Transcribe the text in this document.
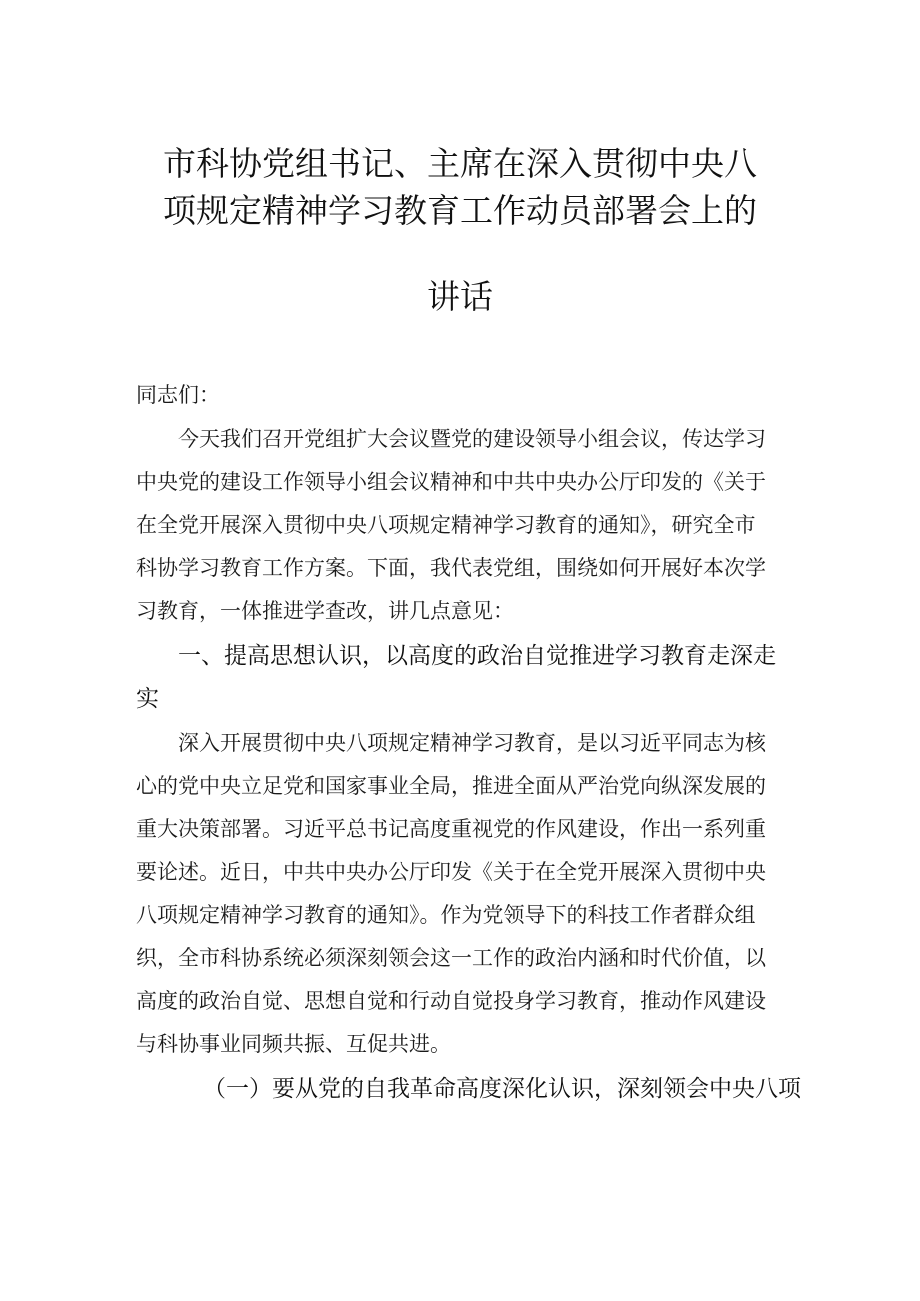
市科协党组书记、主席在深入贯彻中央八
项规定精神学习教育工作动员部署会上的
讲话
同志们：
今天我们召开党组扩大会议暨党的建设领导小组会议，传达学习
中央党的建设工作领导小组会议精神和中共中央办公厅印发的《关于
在全党开展深入贯彻中央八项规定精神学习教育的通知》，研究全市
科协学习教育工作方案。下面，我代表党组，围绕如何开展好本次学
习教育，一体推进学查改，讲几点意见：
一、提高思想认识，以高度的政治自觉推进学习教育走深走
实
深入开展贯彻中央八项规定精神学习教育，是以习近平同志为核
心的党中央立足党和国家事业全局，推进全面从严治党向纵深发展的
重大决策部署。习近平总书记高度重视党的作风建设，作出一系列重
要论述。近日，中共中央办公厅印发《关于在全党开展深入贯彻中央
八项规定精神学习教育的通知》。作为党领导下的科技工作者群众组
织，全市科协系统必须深刻领会这一工作的政治内涵和时代价值，以
高度的政治自觉、思想自觉和行动自觉投身学习教育，推动作风建设
与科协事业同频共振、互促共进。
（一）要从党的自我革命高度深化认识，深刻领会中央八项
